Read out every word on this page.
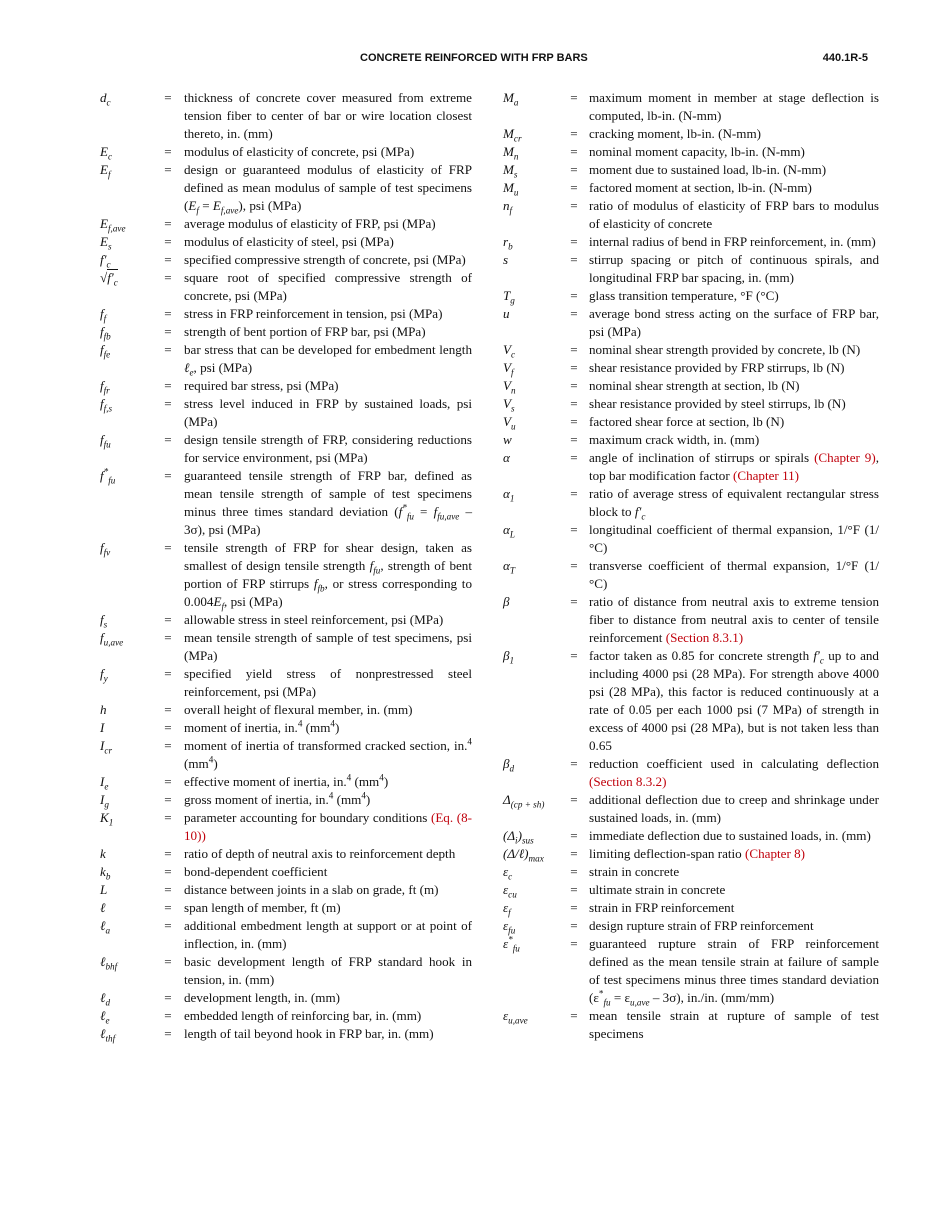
CONCRETE REINFORCED WITH FRP BARS	440.1R-5
$d_c$	= thickness of concrete cover measured from extreme tension fiber to center of bar or wire location closest thereto, in. (mm)
$E_c$	= modulus of elasticity of concrete, psi (MPa)
$E_f$	= design or guaranteed modulus of elasticity of FRP defined as mean modulus of sample of test specimens $(E_f = E_{f,ave})$, psi (MPa)
$E_{f,ave}$	= average modulus of elasticity of FRP, psi (MPa)
$E_s$	= modulus of elasticity of steel, psi (MPa)
$f'_c$	= specified compressive strength of concrete, psi (MPa)
$√f'_c$	= square root of specified compressive strength of concrete, psi (MPa)
$f_f$	= stress in FRP reinforcement in tension, psi (MPa)
$f_{fb}$	= strength of bent portion of FRP bar, psi (MPa)
$f_{fe}$	= bar stress that can be developed for embedment length ℓ$_e$, psi (MPa)
$f_{fr}$	= required bar stress, psi (MPa)
$f_{f,s}$	= stress level induced in FRP by sustained loads, psi (MPa)
$f_{fu}$	= design tensile strength of FRP, considering reductions for service environment, psi (MPa)
$f^*_{fu}$	= guaranteed tensile strength of FRP bar, defined as mean tensile strength of sample of test specimens minus three times standard deviation $(f^*_{fu} = f_{fu,ave} - 3\sigma)$, psi (MPa)
$f_{fv}$	= tensile strength of FRP for shear design, taken as smallest of design tensile strength $f_{fu}$, strength of bent portion of FRP stirrups $f_{fb}$, or stress corresponding to $0.004E_f$, psi (MPa)
$f_s$	= allowable stress in steel reinforcement, psi (MPa)
$f_{u,ave}$	= mean tensile strength of sample of test specimens, psi (MPa)
$f_y$	= specified yield stress of nonprestressed steel reinforcement, psi (MPa)
h	= overall height of flexural member, in. (mm)
I	= moment of inertia, in.$^4$ $(mm^4)$
$I_{cr}$	= moment of inertia of transformed cracked section, in.$^4$ $(mm^4)$
$I_e$	= effective moment of inertia, in.$^4$ $(mm^4)$
$I_g$	= gross moment of inertia, in.$^4$ $(mm^4)$
$K_1$	= parameter accounting for boundary conditions (Eq. (8-10))
k	= ratio of depth of neutral axis to reinforcement depth
$k_b$	= bond-dependent coefficient
L	= distance between joints in a slab on grade, ft (m)
ℓ	= span length of member, ft (m)
ℓ$_a$	= additional embedment length at support or at point of inflection, in. (mm)
ℓ$_{bhf}$	= basic development length of FRP standard hook in tension, in. (mm)
ℓ$_d$	= development length, in. (mm)
ℓ$_e$	= embedded length of reinforcing bar, in. (mm)
ℓ$_{thf}$	= length of tail beyond hook in FRP bar, in. (mm)
$M_a$	= maximum moment in member at stage deflection is computed, lb-in. (N-mm)
$M_{cr}$	= cracking moment, lb-in. (N-mm)
$M_n$	= nominal moment capacity, lb-in. (N-mm)
$M_s$	= moment due to sustained load, lb-in. (N-mm)
$M_u$	= factored moment at section, lb-in. (N-mm)
$n_f$	= ratio of modulus of elasticity of FRP bars to modulus of elasticity of concrete
$r_b$	= internal radius of bend in FRP reinforcement, in. (mm)
s	= stirrup spacing or pitch of continuous spirals, and longitudinal FRP bar spacing, in. (mm)
$T_g$	= glass transition temperature, °F (°C)
u	= average bond stress acting on the surface of FRP bar, psi (MPa)
$V_c$	= nominal shear strength provided by concrete, lb (N)
$V_f$	= shear resistance provided by FRP stirrups, lb (N)
$V_n$	= nominal shear strength at section, lb (N)
$V_s$	= shear resistance provided by steel stirrups, lb (N)
$V_u$	= factored shear force at section, lb (N)
w	= maximum crack width, in. (mm)
α	= angle of inclination of stirrups or spirals (Chapter 9), top bar modification factor (Chapter 11)
$\alpha_1$	= ratio of average stress of equivalent rectangular stress block to $f'_c$
$\alpha_L$	= longitudinal coefficient of thermal expansion, 1/°F (1/°C)
$\alpha_T$	= transverse coefficient of thermal expansion, 1/°F (1/°C)
β	= ratio of distance from neutral axis to extreme tension fiber to distance from neutral axis to center of tensile reinforcement (Section 8.3.1)
$\beta_1$	= factor taken as 0.85 for concrete strength $f'_c$ up to and including 4000 psi (28 MPa). For strength above 4000 psi (28 MPa), this factor is reduced continuously at a rate of 0.05 per each 1000 psi (7 MPa) of strength in excess of 4000 psi (28 MPa), but is not taken less than 0.65
$\beta_d$	= reduction coefficient used in calculating deflection (Section 8.3.2)
$\Delta_{(cp + sh)}$	= additional deflection due to creep and shrinkage under sustained loads, in. (mm)
$(\Delta_i)_{sus}$	= immediate deflection due to sustained loads, in. (mm)
$(\Delta/\ell)_{max}$	= limiting deflection-span ratio (Chapter 8)
$\varepsilon_c$	= strain in concrete
$\varepsilon_{cu}$	= ultimate strain in concrete
$\varepsilon_f$	= strain in FRP reinforcement
$\varepsilon_{fu}$	= design rupture strain of FRP reinforcement
$\varepsilon^*_{fu}$	= guaranteed rupture strain of FRP reinforcement defined as the mean tensile strain at failure of sample of test specimens minus three times standard deviation $(\varepsilon^*_{fu} = \varepsilon_{u,ave} - 3\sigma)$, in./in. (mm/mm)
$\varepsilon_{u,ave}$	= mean tensile strain at rupture of sample of test specimens
